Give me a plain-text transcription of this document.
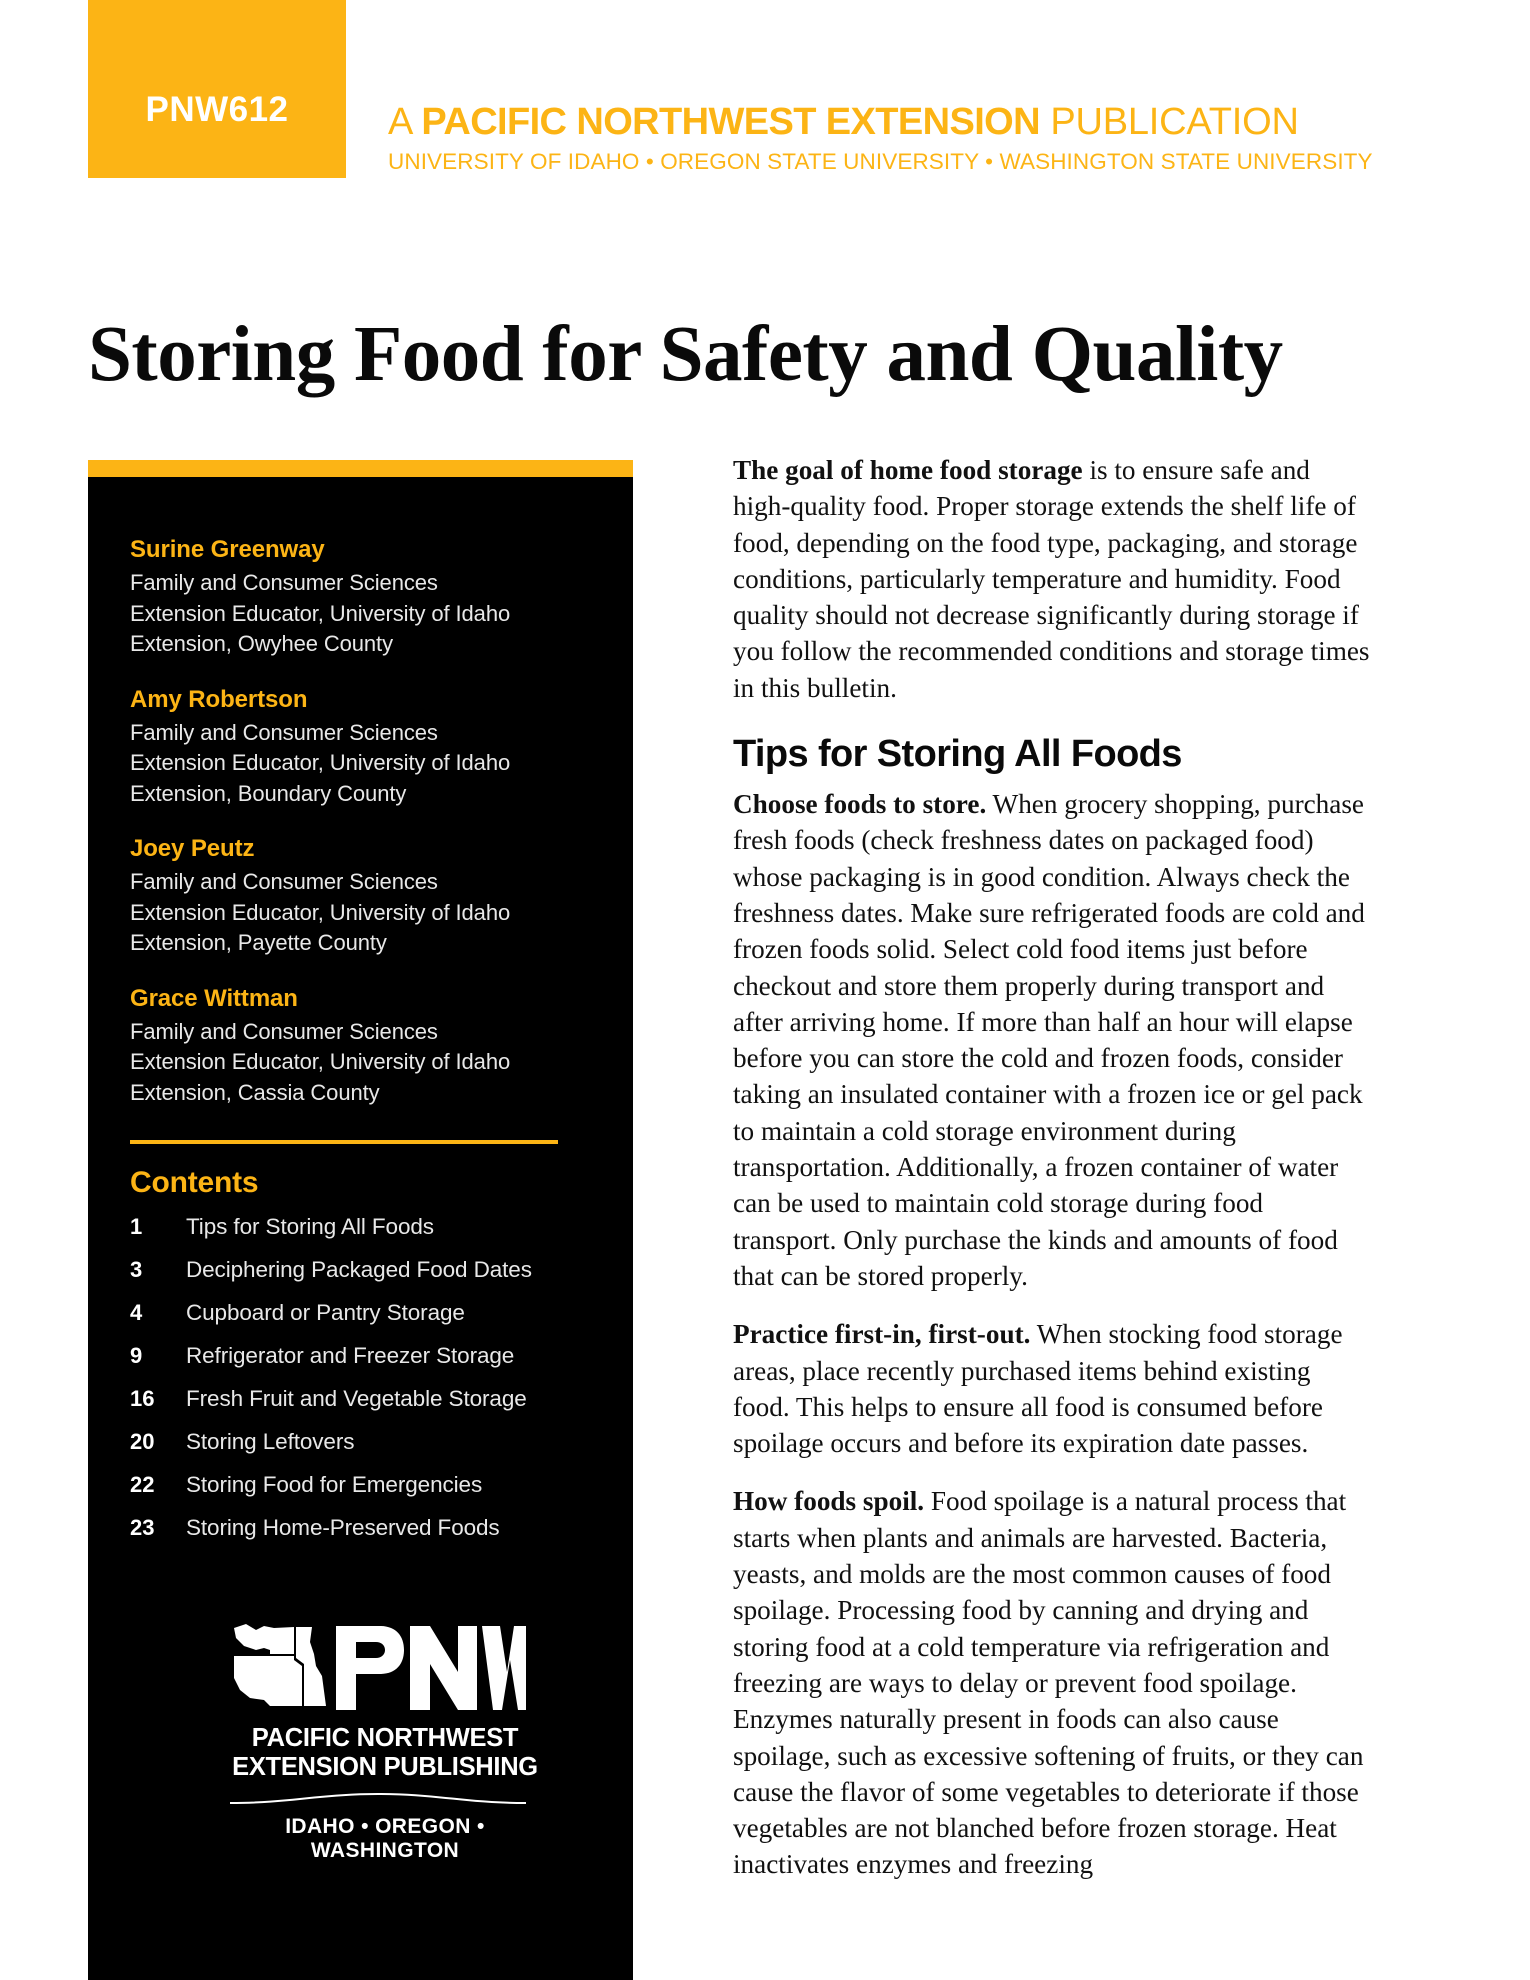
PNW612	A PACIFIC NORTHWEST EXTENSION PUBLICATION
UNIVERSITY OF IDAHO • OREGON STATE UNIVERSITY • WASHINGTON STATE UNIVERSITY
Storing Food for Safety and Quality
Surine Greenway
Family and Consumer Sciences
Extension Educator, University of Idaho
Extension, Owyhee County
Amy Robertson
Family and Consumer Sciences
Extension Educator, University of Idaho
Extension, Boundary County
Joey Peutz
Family and Consumer Sciences
Extension Educator, University of Idaho
Extension, Payette County
Grace Wittman
Family and Consumer Sciences
Extension Educator, University of Idaho
Extension, Cassia County
Contents
1	Tips for Storing All Foods
3	Deciphering Packaged Food Dates
4	Cupboard or Pantry Storage
9	Refrigerator and Freezer Storage
16	Fresh Fruit and Vegetable Storage
20	Storing Leftovers
22	Storing Food for Emergencies
23	Storing Home-Preserved Foods
PACIFIC NORTHWEST
EXTENSION PUBLISHING
IDAHO • OREGON • WASHINGTON

The goal of home food storage is to ensure safe and high-quality food. Proper storage extends the shelf life of food, depending on the food type, packaging, and storage conditions, particularly temperature and humidity. Food quality should not decrease significantly during storage if you follow the recommended conditions and storage times in this bulletin.

Tips for Storing All Foods

Choose foods to store. When grocery shopping, purchase fresh foods (check freshness dates on packaged food) whose packaging is in good condition. Always check the freshness dates. Make sure refrigerated foods are cold and frozen foods solid. Select cold food items just before checkout and store them properly during transport and after arriving home. If more than half an hour will elapse before you can store the cold and frozen foods, consider taking an insulated container with a frozen ice or gel pack to maintain a cold storage environment during transportation. Additionally, a frozen container of water can be used to maintain cold storage during food transport. Only purchase the kinds and amounts of food that can be stored properly.

Practice first-in, first-out. When stocking food storage areas, place recently purchased items behind existing food. This helps to ensure all food is consumed before spoilage occurs and before its expiration date passes.

How foods spoil. Food spoilage is a natural process that starts when plants and animals are harvested. Bacteria, yeasts, and molds are the most common causes of food spoilage. Processing food by canning and drying and storing food at a cold temperature via refrigeration and freezing are ways to delay or prevent food spoilage. Enzymes naturally present in foods can also cause spoilage, such as excessive softening of fruits, or they can cause the flavor of some vegetables to deteriorate if those vegetables are not blanched before frozen storage. Heat inactivates enzymes and freezing
